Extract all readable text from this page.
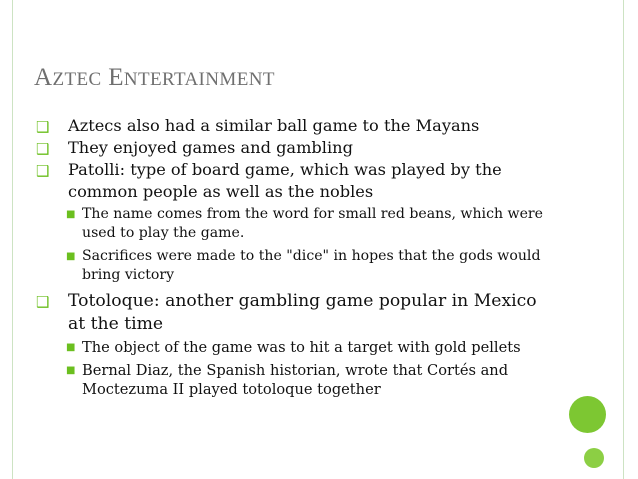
AZTEC ENTERTAINMENT
❑ Aztecs also had a similar ball game to the Mayans
❑ They enjoyed games and gambling
❑ Patolli: type of board game, which was played by the common people as well as the nobles
■ The name comes from the word for small red beans, which were used to play the game.
■ Sacrifices were made to the "dice" in hopes that the gods would bring victory
❑ Totoloque: another gambling game popular in Mexico at the time
■ The object of the game was to hit a target with gold pellets
■ Bernal Diaz, the Spanish historian, wrote that Cortés and Moctezuma II played totoloque together
